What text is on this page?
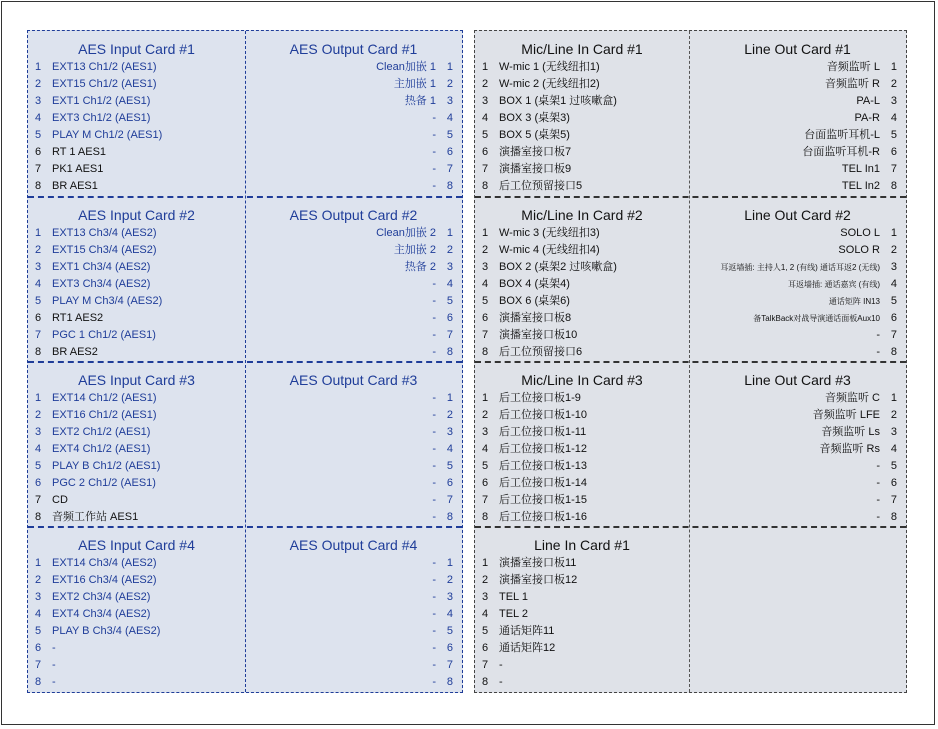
AES Input Card #1
1 EXT13 Ch1/2 (AES1)
2 EXT15 Ch1/2 (AES1)
3 EXT1 Ch1/2 (AES1)
4 EXT3 Ch1/2 (AES1)
5 PLAY M Ch1/2 (AES1)
6 RT 1 AES1
7 PK1 AES1
8 BR AES1
AES Output Card #1
1
Clean加嵌 1
2
主加嵌 1
3
热备 1
4
-
5
-
6
-
7
-
8
-
AES Input Card #2
1 EXT13 Ch3/4 (AES2)
2 EXT15 Ch3/4 (AES2)
3 EXT1 Ch3/4 (AES2)
4 EXT3 Ch3/4 (AES2)
5 PLAY M Ch3/4 (AES2)
6 RT1 AES2
7 PGC 1 Ch1/2 (AES1)
8 BR AES2
AES Output Card #2
1
Clean加嵌 2
2
主加嵌 2
3
热备 2
4
-
5
-
6
-
7
-
8
-
AES Input Card #3
1 EXT14 Ch1/2 (AES1)
2 EXT16 Ch1/2 (AES1)
3 EXT2 Ch1/2 (AES1)
4 EXT4 Ch1/2 (AES1)
5 PLAY B Ch1/2 (AES1)
6 PGC 2 Ch1/2 (AES1)
7 CD
8 音频工作站 AES1
AES Output Card #3
1
-
2
-
3
-
4
-
5
-
6
-
7
-
8
-
AES Input Card #4
1 EXT14 Ch3/4 (AES2)
2 EXT16 Ch3/4 (AES2)
3 EXT2 Ch3/4 (AES2)
4 EXT4 Ch3/4 (AES2)
5 PLAY B Ch3/4 (AES2)
6 -
7 -
8 -
AES Output Card #4
1
-
2
-
3
-
4
-
5
-
6
-
7
-
8
-
Mic/Line In Card #1
1 W-mic 1 (无线纽扣1)
2 W-mic 2 (无线纽扣2)
3 BOX 1 (桌架1 过咳嗽盒)
4 BOX 3 (桌架3)
5 BOX 5 (桌架5)
6 演播室接口板7
7 演播室接口板9
8 后工位预留接口5
Line Out Card #1
1
音频监听 L
2
音频监听 R
3
PA-L
4
PA-R
5
台面监听耳机-L
6
台面监听耳机-R
7
TEL In1
8
TEL In2
Mic/Line In Card #2
1 W-mic 3 (无线纽扣3)
2 W-mic 4 (无线纽扣4)
3 BOX 2 (桌架2 过咳嗽盒)
4 BOX 4 (桌架4)
5 BOX 6 (桌架6)
6 演播室接口板8
7 演播室接口板10
8 后工位预留接口6
Line Out Card #2
1
SOLO L
2
SOLO R
3
耳返墙插: 主持人1, 2 (有线) 通话耳返2 (无线)
4
耳返墙插: 通话嘉宾 (有线)
5
通话矩阵 IN13
6
备TalkBack对战导演通话面板Aux10
7
-
8
-
Mic/Line In Card #3
1 后工位接口板1-9
2 后工位接口板1-10
3 后工位接口板1-11
4 后工位接口板1-12
5 后工位接口板1-13
6 后工位接口板1-14
7 后工位接口板1-15
8 后工位接口板1-16
Line Out Card #3
1
音频监听 C
2
音频监听 LFE
3
音频监听 Ls
4
音频监听 Rs
5
-
6
-
7
-
8
-
Line In Card #1
1 演播室接口板11
2 演播室接口板12
3 TEL 1
4 TEL 2
5 通话矩阵11
6 通话矩阵12
7 -
8 -
